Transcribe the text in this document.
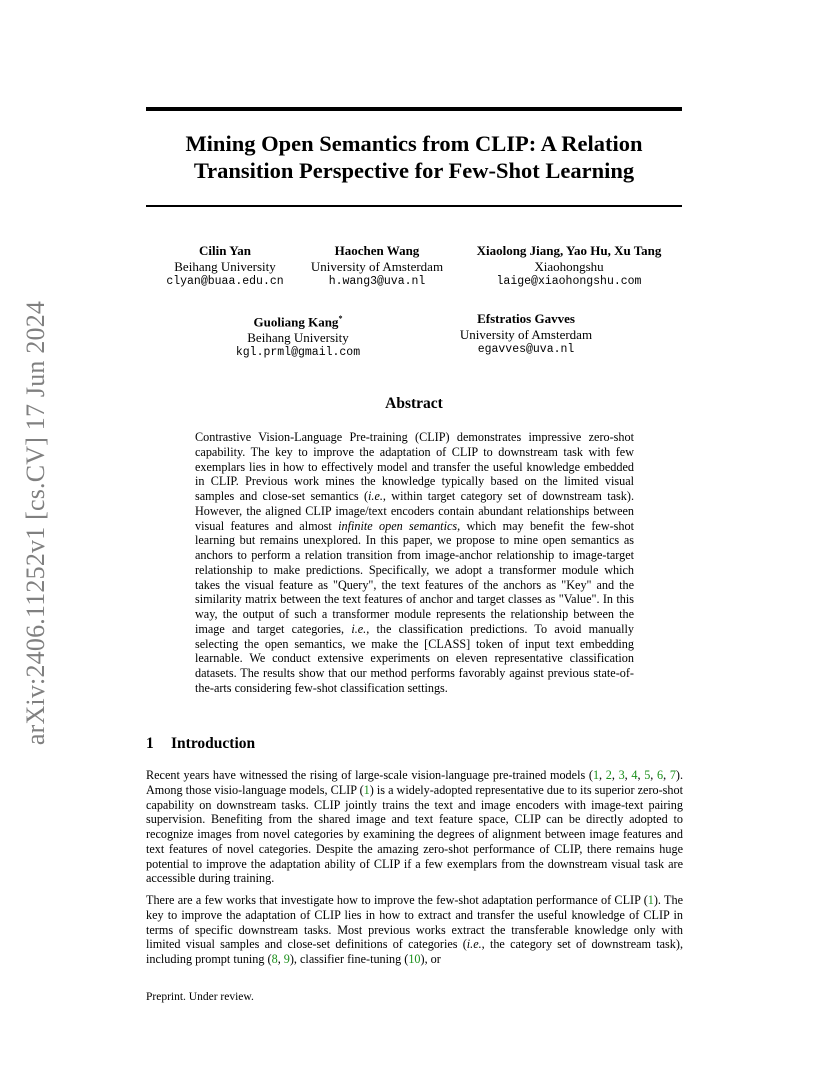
Mining Open Semantics from CLIP: A Relation Transition Perspective for Few-Shot Learning
Cilin Yan
Beihang University
clyan@buaa.edu.cn
Haochen Wang
University of Amsterdam
h.wang3@uva.nl
Xiaolong Jiang, Yao Hu, Xu Tang
Xiaohongshu
laige@xiaohongshu.com
Guoliang Kang*
Beihang University
kgl.prml@gmail.com
Efstratios Gavves
University of Amsterdam
egavves@uva.nl
arXiv:2406.11252v1 [cs.CV] 17 Jun 2024	Abstract

Contrastive Vision-Language Pre-training (CLIP) demonstrates impressive zero-shot capability. The key to improve the adaptation of CLIP to downstream task with few exemplars lies in how to effectively model and transfer the useful knowledge embedded in CLIP. Previous work mines the knowledge typically based on the limited visual samples and close-set semantics (i.e., within target category set of downstream task). However, the aligned CLIP image/text encoders contain abundant relationships between visual features and almost infinite open semantics, which may benefit the few-shot learning but remains unexplored. In this paper, we propose to mine open semantics as anchors to perform a relation transition from image-anchor relationship to image-target relationship to make predictions. Specifically, we adopt a transformer module which takes the visual feature as "Query", the text features of the anchors as "Key" and the similarity matrix between the text features of anchor and target classes as "Value". In this way, the output of such a transformer module represents the relationship between the image and target categories, i.e., the classification predictions. To avoid manually selecting the open semantics, we make the [CLASS] token of input text embedding learnable. We conduct extensive experiments on eleven representative classification datasets. The results show that our method performs favorably against previous state-of-the-arts considering few-shot classification settings.

1 Introduction

Recent years have witnessed the rising of large-scale vision-language pre-trained models (1, 2, 3, 4, 5, 6, 7). Among those visio-language models, CLIP (1) is a widely-adopted representative due to its superior zero-shot capability on downstream tasks. CLIP jointly trains the text and image encoders with image-text pairing supervision. Benefiting from the shared image and text feature space, CLIP can be directly adopted to recognize images from novel categories by examining the degrees of alignment between image features and text features of novel categories. Despite the amazing zero-shot performance of CLIP, there remains huge potential to improve the adaptation ability of CLIP if a few exemplars from the downstream visual task are accessible during training.

There are a few works that investigate how to improve the few-shot adaptation performance of CLIP (1). The key to improve the adaptation of CLIP lies in how to extract and transfer the useful knowledge of CLIP in terms of specific downstream tasks. Most previous works extract the transferable knowledge only with limited visual samples and close-set definitions of categories (i.e., the category set of downstream task), including prompt tuning (8, 9), classifier fine-tuning (10), or

Preprint. Under review.
